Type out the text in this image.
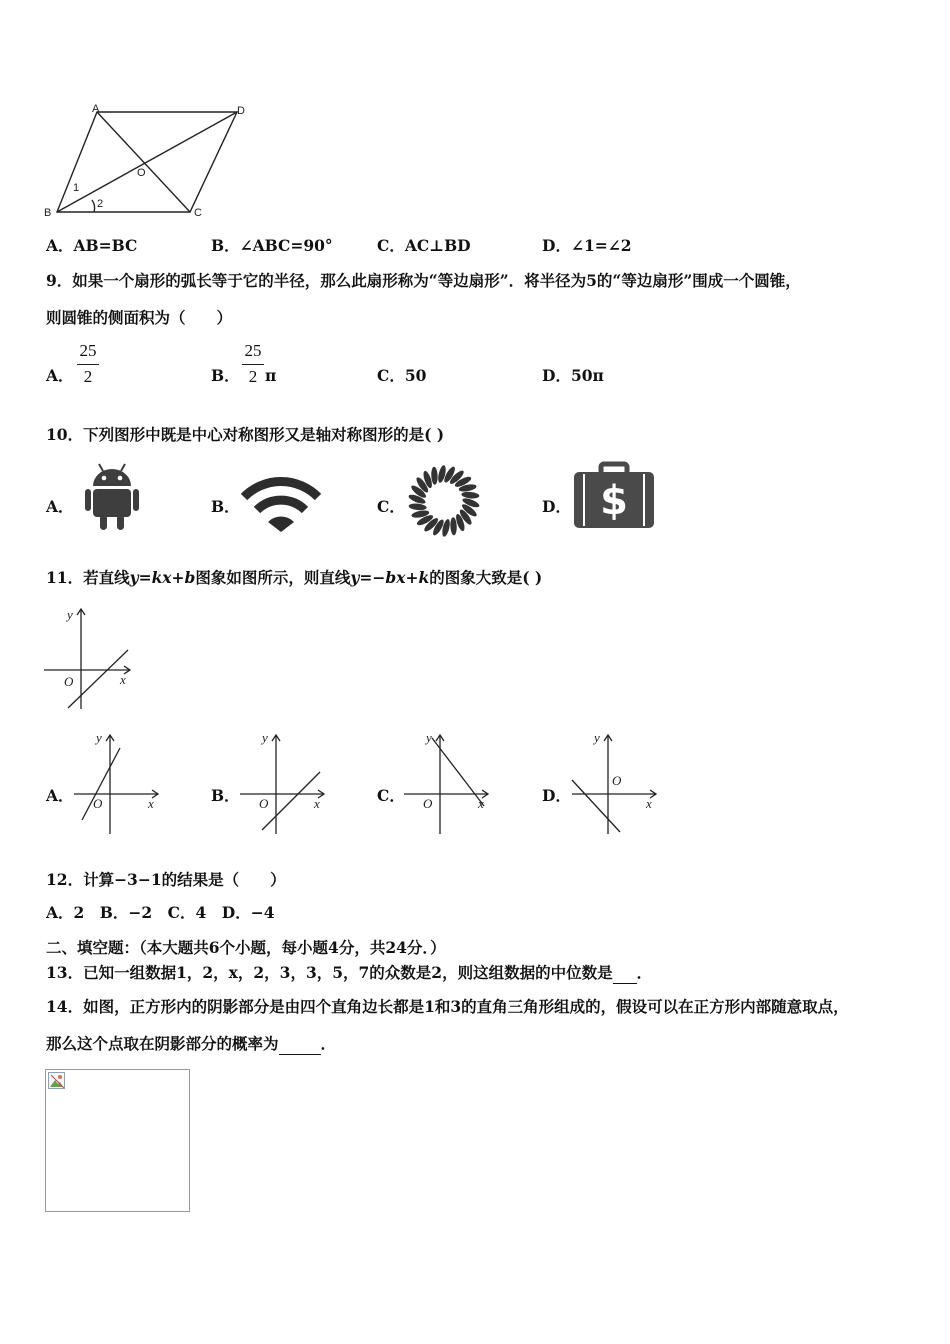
A	D
O
B	C
1
2
A．AB=BC	B．∠ABC=90°	C．AC⊥BD	D．∠1=∠2
9．如果一个扇形的弧长等于它的半径，那么此扇形称为“等边扇形”．将半径为5的“等边扇形”围成一个圆锥，
则圆锥的侧面积为（　　）
A．
25
2	B．
25
2 π	C．50	D．50π
10．下列图形中既是中心对称图形又是轴对称图形的是( )
A．	B．	C．	D． $
11．若直线y=kx+b图象如图所示，则直线y=−bx+k的图象大致是( )
y
O	x
A．
y
O	x	B．
y
O	x	C．
y
O	x	D．
y
O
x
12．计算−3−1的结果是（　　）
A．2　B．−2　C．4　D．−4
二、填空题：（本大题共6个小题，每小题4分，共24分．）
13．已知一组数据1，2，x，2，3，3，5，7的众数是2，则这组数据的中位数是 ．
14．如图，正方形内的阴影部分是由四个直角边长都是1和3的直角三角形组成的，假设可以在正方形内部随意取点，
那么这个点取在阴影部分的概率为	．
